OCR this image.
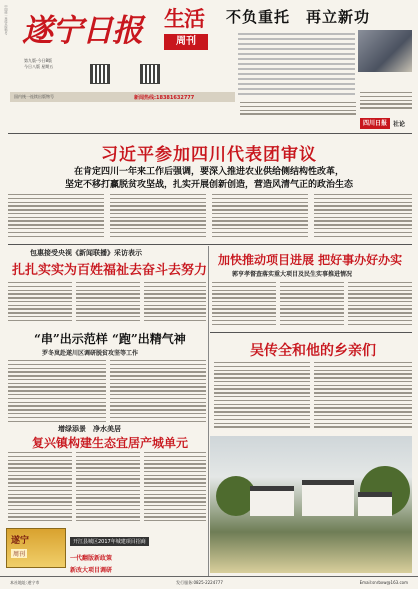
中国统一连续出版物号 遂宁日报 生活
周刊
第九版-今日8版
今日八版 星期五
国内统一连续出版物号	新闻热线:18381632777
不负重托　再立新功
四川日报	社论
习近平参加四川代表团审议
在肯定四川一年来工作后强调，要深入推进农业供给侧结构性改革，
坚定不移打赢脱贫攻坚战，扎实开展创新创造，营造风清气正的政治生态
包惠接受央视《新闻联播》采访表示
扎扎实实为百姓福祉去奋斗去努力
“串”出示范样 “跑”出精气神
罗冬岚赴遂川区调研脱贫攻坚等工作
增绿添景　净水美居
复兴镇构建生态宜居产城单元
加快推动项目进展 把好事办好办实
郭亨孝督查落实重大项目及民生实事推进情况
吴传全和他的乡亲们
遂宁
周刊
开江县城区2017年城建项目招商
一代翻版新政策
新改大项目调研
本社地址:遂宁市	发行服务:0825-2224777	Email:snrbxw@163.com
